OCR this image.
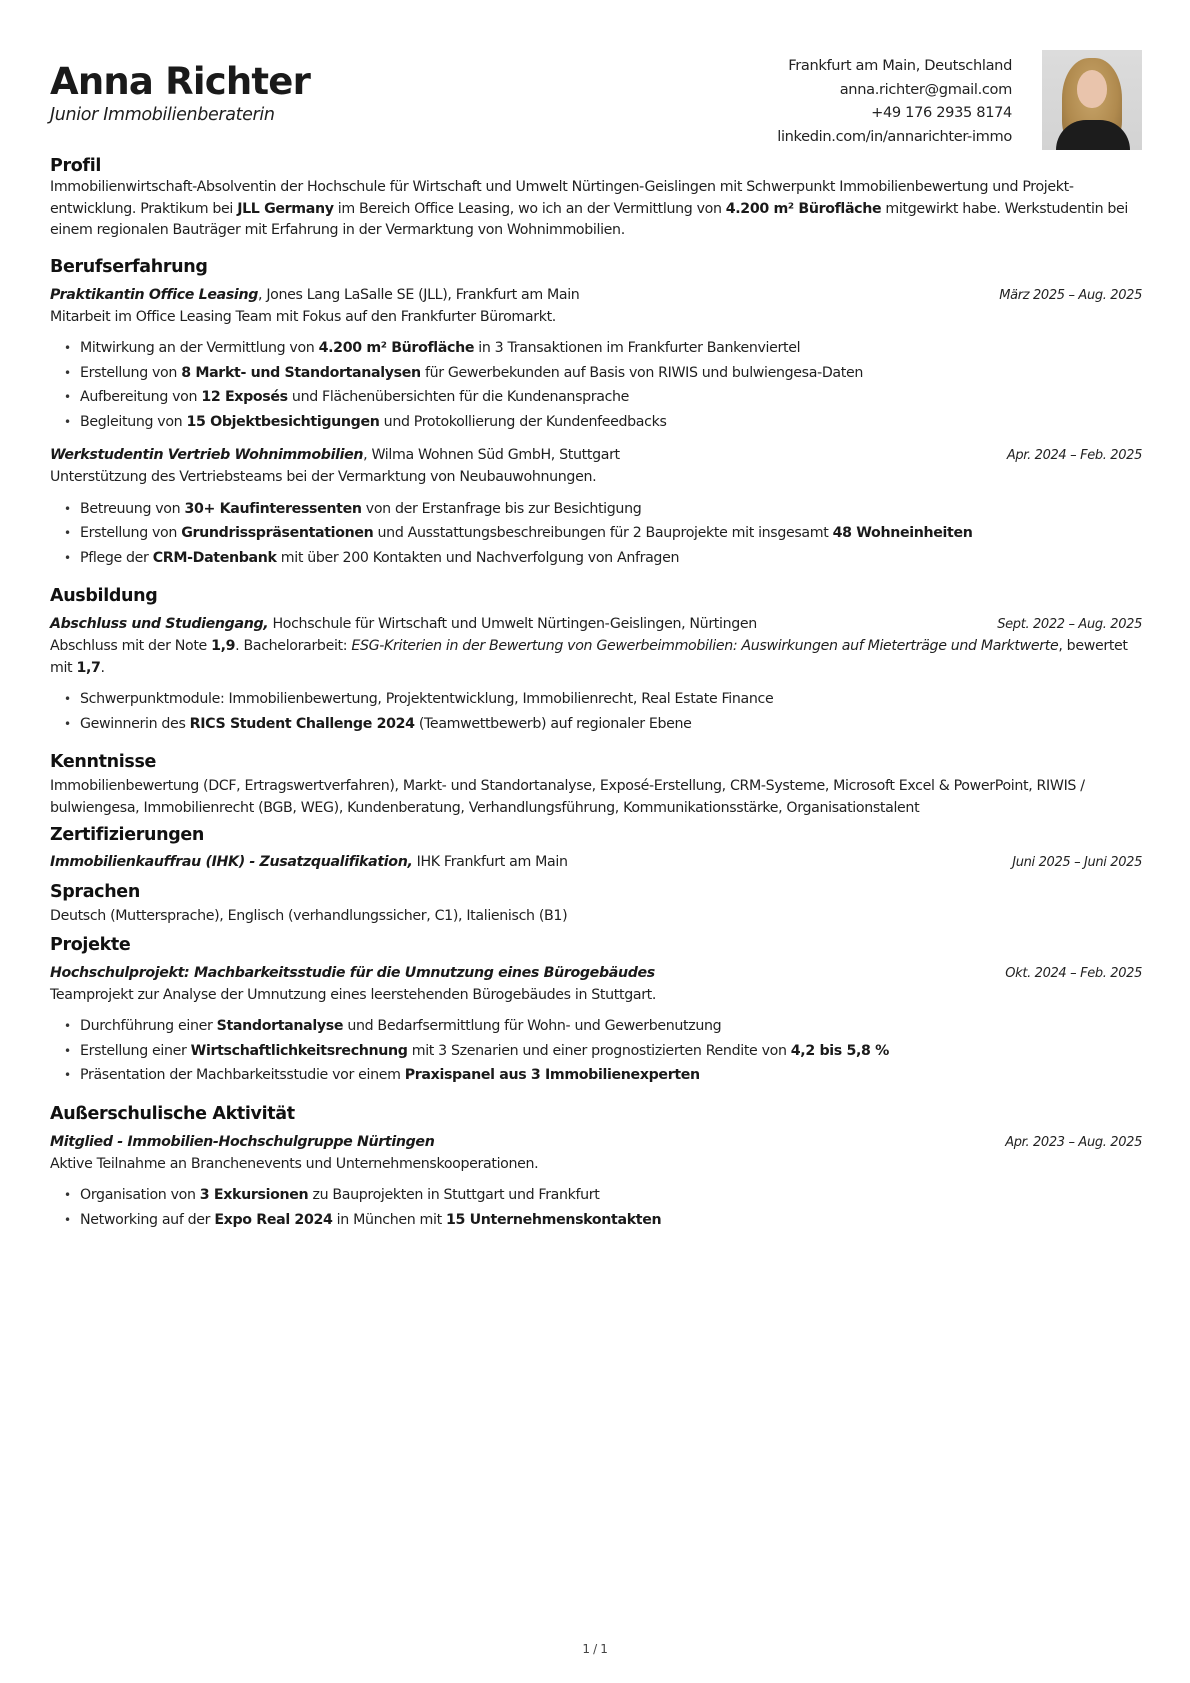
Anna Richter
Junior Immobilienberaterin
Frankfurt am Main, Deutschland
anna.richter@gmail.com
+49 176 2935 8174
linkedin.com/in/annarichter-immo
Profil

Immobilienwirtschaft-Absolventin der Hochschule für Wirtschaft und Umwelt Nürtingen-Geislingen mit Schwerpunkt Immobilienbewertung und Projekt-entwicklung. Praktikum bei JLL Germany im Bereich Office Leasing, wo ich an der Vermittlung von 4.200 m² Bürofläche mitgewirkt habe. Werkstudentin bei einem regionalen Bauträger mit Erfahrung in der Vermarktung von Wohnimmobilien.

Berufserfahrung
Praktikantin Office Leasing, Jones Lang LaSalle SE (JLL), Frankfurt am Main	März 2025 – Aug. 2025

Mitarbeit im Office Leasing Team mit Fokus auf den Frankfurter Büromarkt.

• Mitwirkung an der Vermittlung von 4.200 m² Bürofläche in 3 Transaktionen im Frankfurter Bankenviertel
• Erstellung von 8 Markt- und Standortanalysen für Gewerbekunden auf Basis von RIWIS und bulwiengesa-Daten
• Aufbereitung von 12 Exposés und Flächenübersichten für die Kundenansprache
• Begleitung von 15 Objektbesichtigungen und Protokollierung der Kundenfeedbacks
Werkstudentin Vertrieb Wohnimmobilien, Wilma Wohnen Süd GmbH, Stuttgart	Apr. 2024 – Feb. 2025

Unterstützung des Vertriebsteams bei der Vermarktung von Neubauwohnungen.

• Betreuung von 30+ Kaufinteressenten von der Erstanfrage bis zur Besichtigung
• Erstellung von Grundrisspräsentationen und Ausstattungsbeschreibungen für 2 Bauprojekte mit insgesamt 48 Wohneinheiten
• Pflege der CRM-Datenbank mit über 200 Kontakten und Nachverfolgung von Anfragen
Ausbildung
Abschluss und Studiengang, Hochschule für Wirtschaft und Umwelt Nürtingen-Geislingen, Nürtingen	Sept. 2022 – Aug. 2025

Abschluss mit der Note 1,9. Bachelorarbeit: ESG-Kriterien in der Bewertung von Gewerbeimmobilien: Auswirkungen auf Mieterträge und Marktwerte, bewertet mit 1,7.

• Schwerpunktmodule: Immobilienbewertung, Projektentwicklung, Immobilienrecht, Real Estate Finance
• Gewinnerin des RICS Student Challenge 2024 (Teamwettbewerb) auf regionaler Ebene
Kenntnisse

Immobilienbewertung (DCF, Ertragswertverfahren), Markt- und Standortanalyse, Exposé-Erstellung, CRM-Systeme, Microsoft Excel & PowerPoint, RIWIS / bulwiengesa, Immobilienrecht (BGB, WEG), Kundenberatung, Verhandlungsführung, Kommunikationsstärke, Organisationstalent

Zertifizierungen
Immobilienkauffrau (IHK) - Zusatzqualifikation, IHK Frankfurt am Main	Juni 2025 – Juni 2025
Sprachen

Deutsch (Muttersprache), Englisch (verhandlungssicher, C1), Italienisch (B1)

Projekte
Hochschulprojekt: Machbarkeitsstudie für die Umnutzung eines Bürogebäudes	Okt. 2024 – Feb. 2025

Teamprojekt zur Analyse der Umnutzung eines leerstehenden Bürogebäudes in Stuttgart.

• Durchführung einer Standortanalyse und Bedarfsermittlung für Wohn- und Gewerbenutzung
• Erstellung einer Wirtschaftlichkeitsrechnung mit 3 Szenarien und einer prognostizierten Rendite von 4,2 bis 5,8 %
• Präsentation der Machbarkeitsstudie vor einem Praxispanel aus 3 Immobilienexperten
Außerschulische Aktivität
Mitglied - Immobilien-Hochschulgruppe Nürtingen	Apr. 2023 – Aug. 2025

Aktive Teilnahme an Branchenevents und Unternehmenskooperationen.

• Organisation von 3 Exkursionen zu Bauprojekten in Stuttgart und Frankfurt
• Networking auf der Expo Real 2024 in München mit 15 Unternehmenskontakten
1 / 1
